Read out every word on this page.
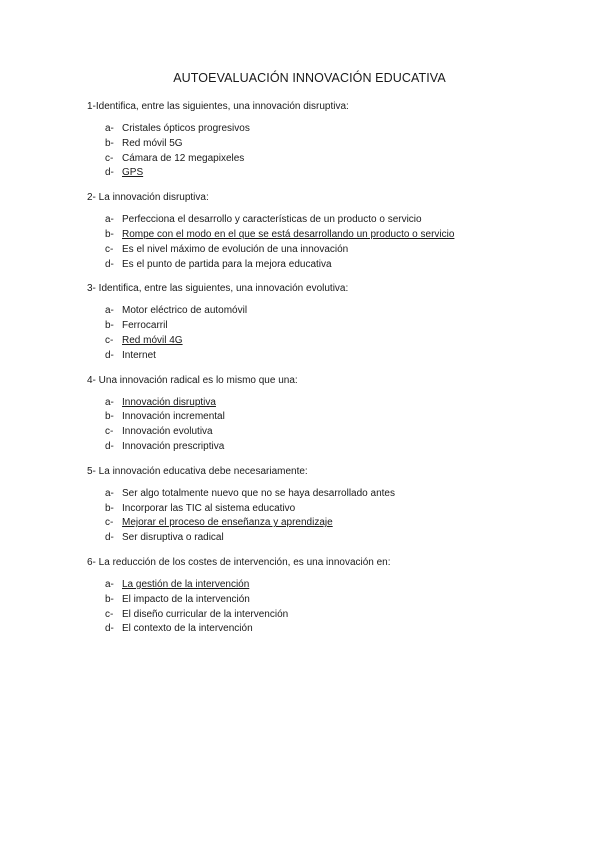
AUTOEVALUACIÓN INNOVACIÓN EDUCATIVA

1-Identifica, entre las siguientes, una innovación disruptiva:

a- Cristales ópticos progresivos
b- Red móvil 5G
c- Cámara de 12 megapixeles
d- GPS

2- La innovación disruptiva:

a- Perfecciona el desarrollo y características de un producto o servicio
b- Rompe con el modo en el que se está desarrollando un producto o servicio
c- Es el nivel máximo de evolución de una innovación
d- Es el punto de partida para la mejora educativa

3- Identifica, entre las siguientes, una innovación evolutiva:

a- Motor eléctrico de automóvil
b- Ferrocarril
c- Red móvil 4G
d- Internet

4- Una innovación radical es lo mismo que una:

a- Innovación disruptiva
b- Innovación incremental
c- Innovación evolutiva
d- Innovación prescriptiva

5- La innovación educativa debe necesariamente:

a- Ser algo totalmente nuevo que no se haya desarrollado antes
b- Incorporar las TIC al sistema educativo
c- Mejorar el proceso de enseñanza y aprendizaje
d- Ser disruptiva o radical

6- La reducción de los costes de intervención, es una innovación en:

a- La gestión de la intervención
b- El impacto de la intervención
c- El diseño curricular de la intervención
d- El contexto de la intervención
